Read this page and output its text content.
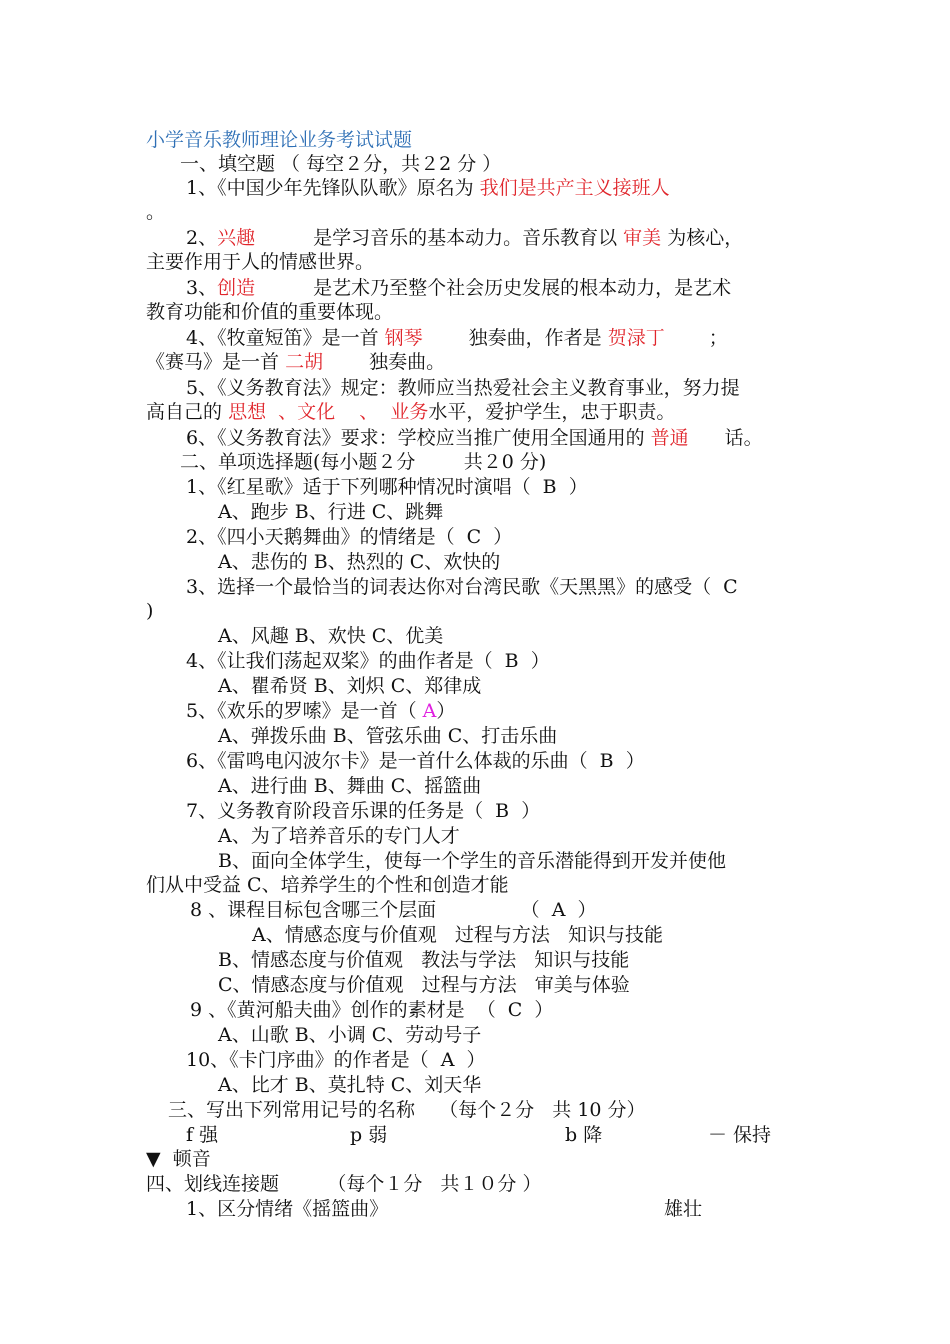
小学音乐教师理论业务考试试题
一、填空题 （ 每空２分，共２2 分 ）
1、《中国少年先锋队队歌》原名为 我们是共产主义接班人
。
2、兴趣	是学习音乐的基本动力。音乐教育以 审美 为核心，
主要作用于人的情感世界。
3、创造	是艺术乃至整个社会历史发展的根本动力，是艺术
教育功能和价值的重要体现。
4、《牧童短笛》是一首 钢琴 独奏曲，作者是 贺渌丁 ；
《赛马》是一首 二胡 独奏曲。
5、《义务教育法》规定：教师应当热爱社会主义教育事业，努力提
高自己的 思想  、文化    、  业务水平，爱护学生，忠于职责。
6、《义务教育法》要求：学校应当推广使用全国通用的 普通 话。
二、单项选择题(每小题２分        共２0 分)
1、《红星歌》适于下列哪种情况时演唱（  B  ）
A、跑步 B、行进 C、跳舞
2、《四小天鹅舞曲》的情绪是（  C  ）
A、悲伤的 B、热烈的 C、欢快的
3、选择一个最恰当的词表达你对台湾民歌《天黑黑》的感受（  C
)
A、风趣 B、欢快 C、优美
4、《让我们荡起双桨》的曲作者是（  B  ）
A、瞿希贤 B、刘炽 C、郑律成
5、《欢乐的罗嗦》是一首（ A）
A、弹拨乐曲 B、管弦乐曲 C、打击乐曲
6、《雷鸣电闪波尔卡》是一首什么体裁的乐曲（  B  ）
A、进行曲 B、舞曲 C、摇篮曲
7、义务教育阶段音乐课的任务是（  B  ）
A、为了培养音乐的专门人才
B、面向全体学生，使每一个学生的音乐潜能得到开发并使他
们从中受益 C、培养学生的个性和创造才能
8 、课程目标包含哪三个层面              （  A  ）
A、情感态度与价值观   过程与方法   知识与技能
B、情感态度与价值观   教法与学法   知识与技能
C、情感态度与价值观   过程与方法   审美与体验
9 、《黄河船夫曲》创作的素材是  （  C  ）
A、山歌 B、小调 C、劳动号子
10、《卡门序曲》的作者是（  A  ）
A、比才 B、莫扎特 C、刘天华
三、写出下列常用记号的名称    （每个２分   共 10 分）
f 强	p 弱	b 降	－ 保持
▼  顿音
四、划线连接题        （每个１分   共１０分 ）
1、区分情绪《摇篮曲》	雄壮
